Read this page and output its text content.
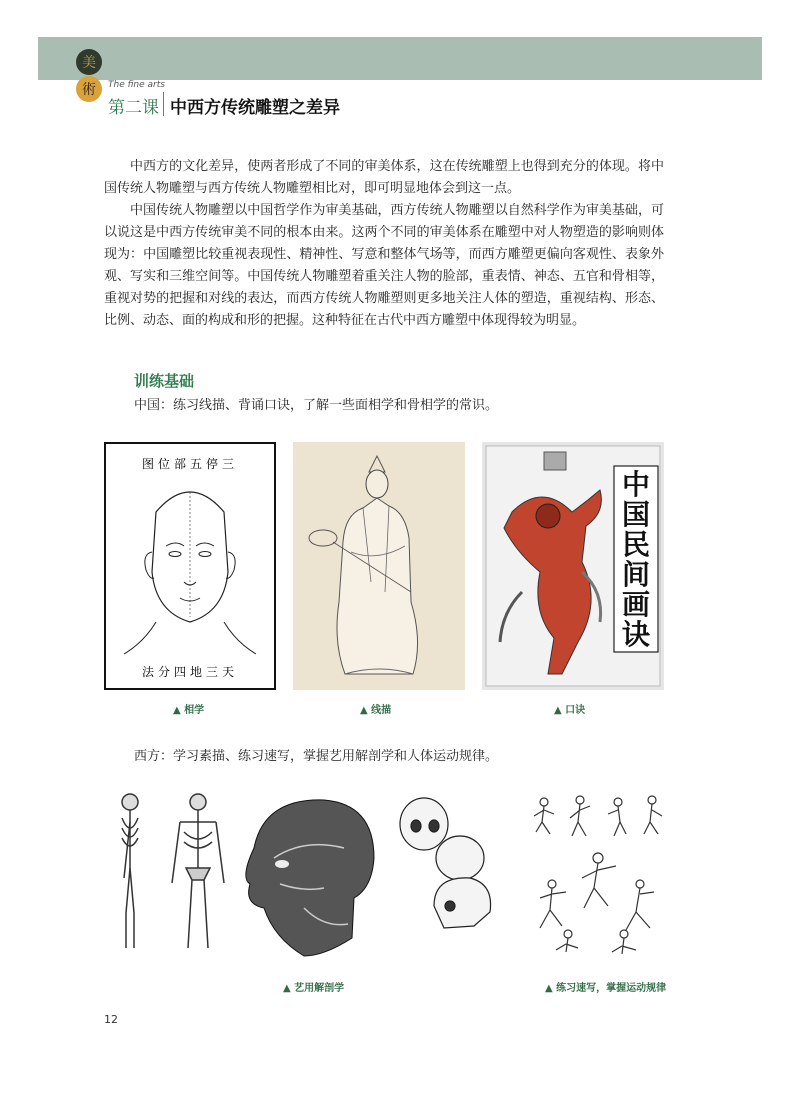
美
術 The fine arts
第二课 中西方传统雕塑之差异

中西方的文化差异，使两者形成了不同的审美体系，这在传统雕塑上也得到充分的体现。将中国传统人物雕塑与西方传统人物雕塑相比对，即可明显地体会到这一点。

中国传统人物雕塑以中国哲学作为审美基础，西方传统人物雕塑以自然科学作为审美基础，可以说这是中西方传统审美不同的根本由来。这两个不同的审美体系在雕塑中对人物塑造的影响则体现为：中国雕塑比较重视表现性、精神性、写意和整体气场等，而西方雕塑更偏向客观性、表象外观、写实和三维空间等。中国传统人物雕塑着重关注人物的脸部，重表情、神态、五官和骨相等，重视对势的把握和对线的表达，而西方传统人物雕塑则更多地关注人体的塑造，重视结构、形态、比例、动态、面的构成和形的把握。这种特征在古代中西方雕塑中体现得较为明显。

训练基础
中国：练习线描、背诵口诀，了解一些面相学和骨相学的常识。
图位部五停三
法分四地三天
▲ 相学	▲ 线描
中
国
民
间
画
诀
▲ 口诀
西方：学习素描、练习速写，掌握艺用解剖学和人体运动规律。
▲ 艺用解剖学	▲ 练习速写，掌握运动规律
12
